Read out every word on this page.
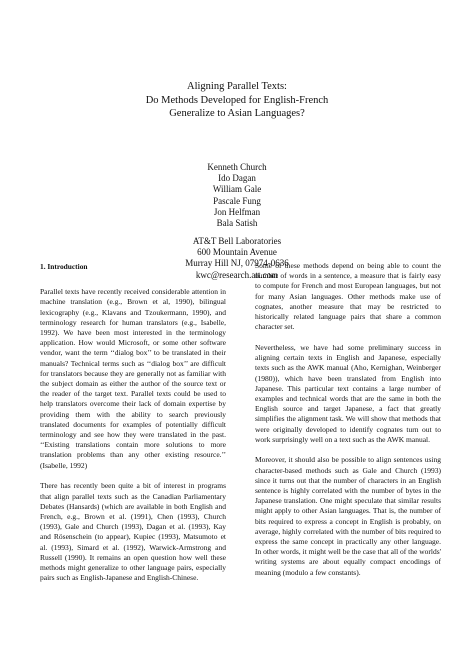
Aligning Parallel Texts:
Do Methods Developed for English-French
Generalize to Asian Languages?
Kenneth Church
Ido Dagan
William Gale
Pascale Fung
Jon Helfman
Bala Satish
AT&T Bell Laboratories
600 Mountain Avenue
Murray Hill NJ, 07974-0636
kwc@research.att.com
1. Introduction

Parallel texts have recently received considerable attention in machine translation (e.g., Brown et al, 1990), bilingual lexicography (e.g., Klavans and Tzoukermann, 1990), and terminology research for human translators (e.g., Isabelle, 1992). We have been most interested in the terminology application. How would Microsoft, or some other software vendor, want the term ‘‘dialog box’’ to be translated in their manuals? Technical terms such as ‘‘dialog box’’ are difficult for translators because they are generally not as familiar with the subject domain as either the author of the source text or the reader of the target text. Parallel texts could be used to help translators overcome their lack of domain expertise by providing them with the ability to search previously translated documents for examples of potentially difficult terminology and see how they were translated in the past. ‘‘Existing translations contain more solutions to more translation problems than any other existing resource.’’ (Isabelle, 1992)

There has recently been quite a bit of interest in programs that align parallel texts such as the Canadian Parliamentary Debates (Hansards) (which are available in both English and French, e.g., Brown et al. (1991), Chen (1993), Church (1993), Gale and Church (1993), Dagan et al. (1993), Kay and Rösenschein (to appear), Kupiec (1993), Matsumoto et al. (1993), Simard et al. (1992), Warwick-Armstrong and Russell (1990). It remains an open question how well these methods might generalize to other language pairs, especially pairs such as English-Japanese and English-Chinese.

Some of these methods depend on being able to count the number of words in a sentence, a measure that is fairly easy to compute for French and most European languages, but not for many Asian languages. Other methods make use of cognates, another measure that may be restricted to historically related language pairs that share a common character set.

Nevertheless, we have had some preliminary success in aligning certain texts in English and Japanese, especially texts such as the AWK manual (Aho, Kernighan, Weinberger (1980)), which have been translated from English into Japanese. This particular text contains a large number of examples and technical words that are the same in both the English source and target Japanese, a fact that greatly simplifies the alignment task. We will show that methods that were originally developed to identify cognates turn out to work surprisingly well on a text such as the AWK manual.

Moreover, it should also be possible to align sentences using character-based methods such as Gale and Church (1993) since it turns out that the number of characters in an English sentence is highly correlated with the number of bytes in the Japanese translation. One might speculate that similar results might apply to other Asian languages. That is, the number of bits required to express a concept in English is probably, on average, highly correlated with the number of bits required to express the same concept in practically any other language. In other words, it might well be the case that all of the worlds' writing systems are about equally compact encodings of meaning (modulo a few constants).
